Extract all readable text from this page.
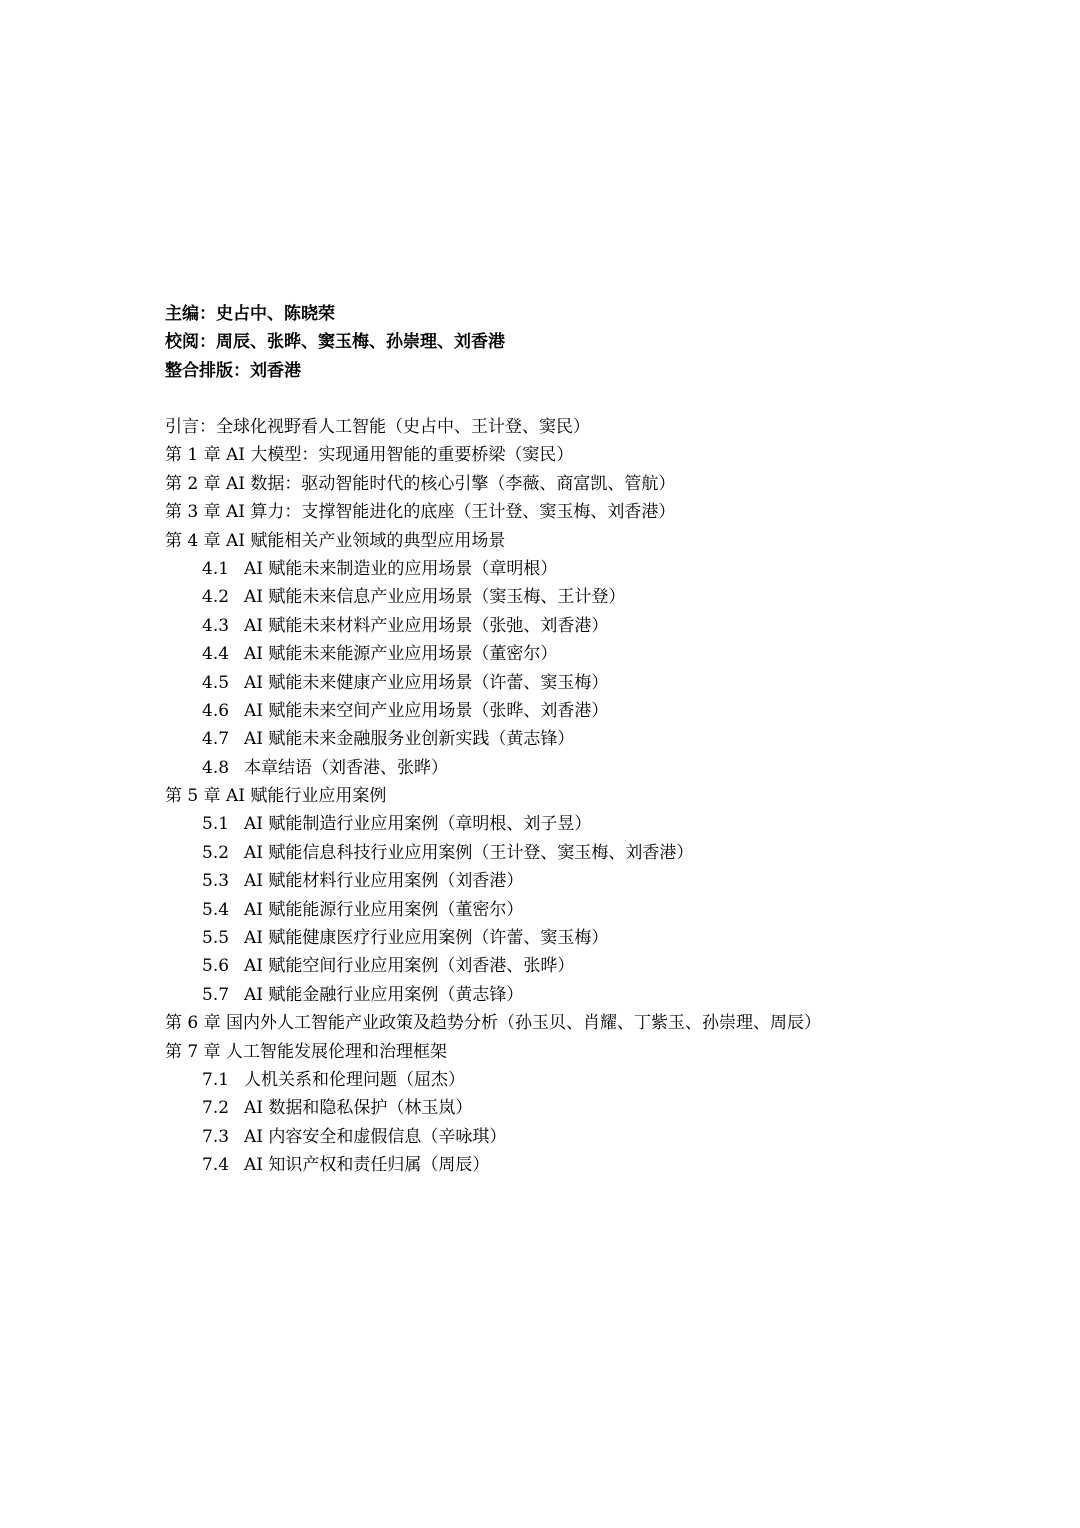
主编：史占中、陈晓荣
校阅：周辰、张晔、窦玉梅、孙崇理、刘香港
整合排版：刘香港
引言：全球化视野看人工智能（史占中、王计登、窦民）
第 1 章 AI 大模型：实现通用智能的重要桥梁（窦民）
第 2 章 AI 数据：驱动智能时代的核心引擎（李薇、商富凯、管航）
第 3 章 AI 算力：支撑智能进化的底座（王计登、窦玉梅、刘香港）
第 4 章 AI 赋能相关产业领域的典型应用场景
4.1 AI 赋能未来制造业的应用场景（章明根）
4.2 AI 赋能未来信息产业应用场景（窦玉梅、王计登）
4.3 AI 赋能未来材料产业应用场景（张弛、刘香港）
4.4 AI 赋能未来能源产业应用场景（董密尔）
4.5 AI 赋能未来健康产业应用场景（许蕾、窦玉梅）
4.6 AI 赋能未来空间产业应用场景（张晔、刘香港）
4.7 AI 赋能未来金融服务业创新实践（黄志锋）
4.8 本章结语（刘香港、张晔）
第 5 章 AI 赋能行业应用案例
5.1 AI 赋能制造行业应用案例（章明根、刘子昱）
5.2 AI 赋能信息科技行业应用案例（王计登、窦玉梅、刘香港）
5.3 AI 赋能材料行业应用案例（刘香港）
5.4 AI 赋能能源行业应用案例（董密尔）
5.5 AI 赋能健康医疗行业应用案例（许蕾、窦玉梅）
5.6 AI 赋能空间行业应用案例（刘香港、张晔）
5.7 AI 赋能金融行业应用案例（黄志锋）
第 6 章 国内外人工智能产业政策及趋势分析（孙玉贝、肖耀、丁紫玉、孙崇理、周辰）
第 7 章 人工智能发展伦理和治理框架
7.1 人机关系和伦理问题（屈杰）
7.2 AI 数据和隐私保护（林玉岚）
7.3 AI 内容安全和虚假信息（辛咏琪）
7.4 AI 知识产权和责任归属（周辰）
